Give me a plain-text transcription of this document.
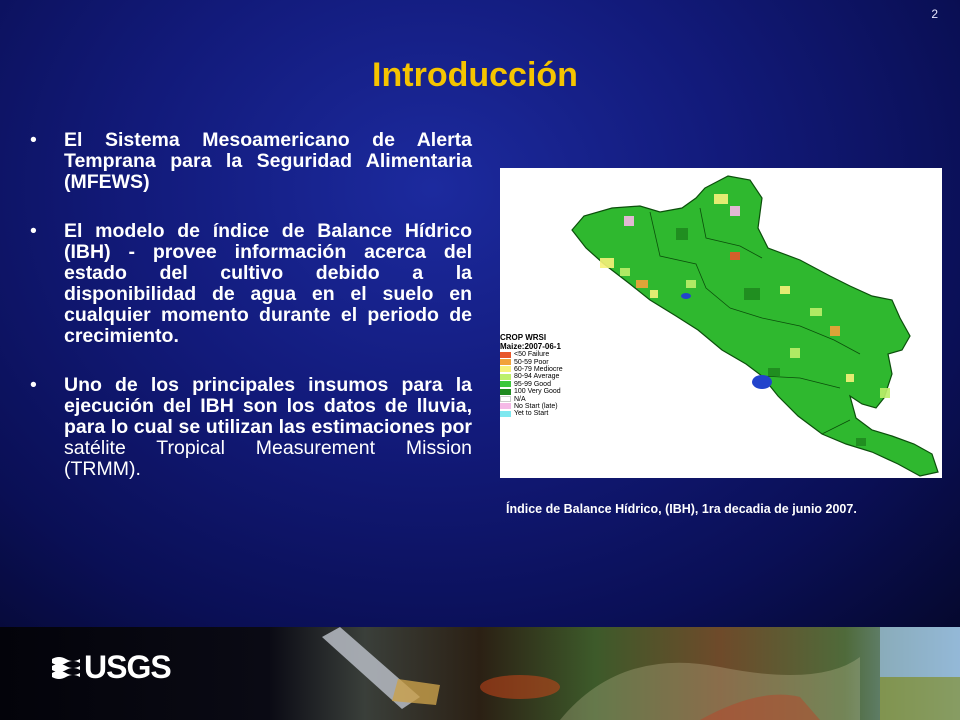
2
Introducción
• El Sistema Mesoamericano de Alerta Temprana para la Seguridad Alimentaria (MFEWS)
• El modelo de índice de Balance Hídrico (IBH) - provee información acerca del estado del cultivo debido a la disponibilidad de agua en el suelo en cualquier momento durante el periodo de crecimiento.
• Uno de los principales insumos para la ejecución del IBH son los datos de lluvia, para lo cual se utilizan las estimaciones por satélite Tropical Measurement Mission (TRMM).
CROP WRSI
Maize:2007-06-1
<50 Failure
50-59 Poor
60-79 Mediocre
80-94 Average
95-99 Good
100 Very Good
N/A
No Start (late)
Yet to Start
Índice de Balance Hídrico, (IBH), 1ra decadia de junio 2007.
USGS
